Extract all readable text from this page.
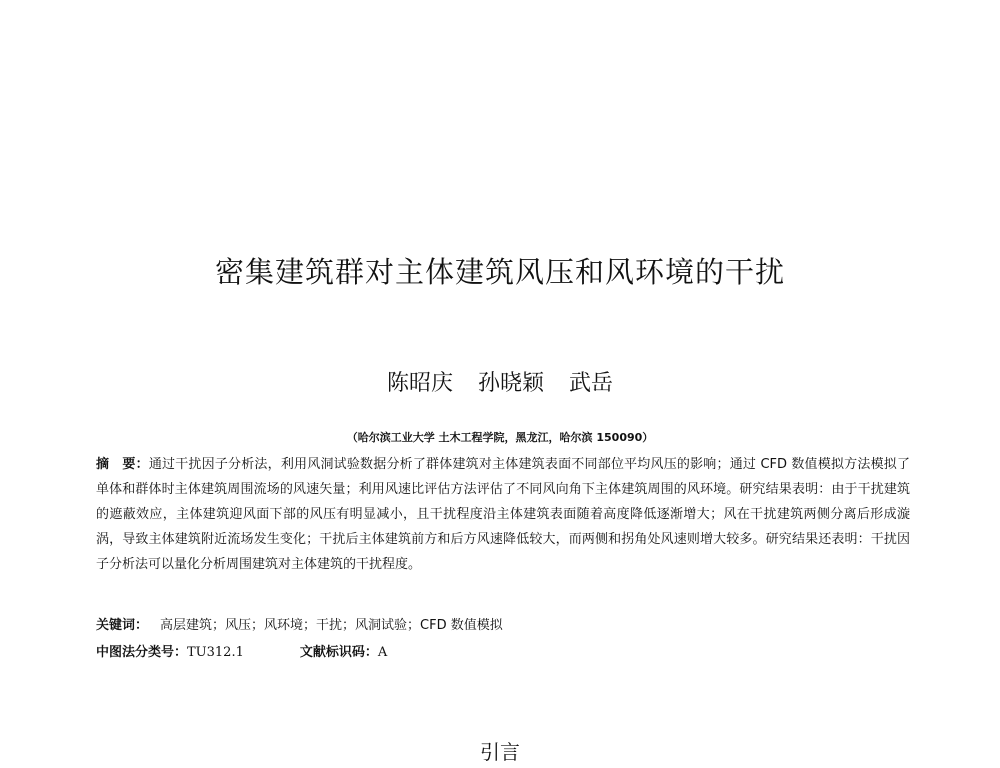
密集建筑群对主体建筑风压和风环境的干扰
陈昭庆 孙晓颖 武岳
（哈尔滨工业大学 土木工程学院，黑龙江，哈尔滨 150090）
摘　要：通过干扰因子分析法，利用风洞试验数据分析了群体建筑对主体建筑表面不同部位平均风压的影响；通过 CFD 数值模拟方法模拟了单体和群体时主体建筑周围流场的风速矢量；利用风速比评估方法评估了不同风向角下主体建筑周围的风环境。研究结果表明：由于干扰建筑的遮蔽效应，主体建筑迎风面下部的风压有明显减小，且干扰程度沿主体建筑表面随着高度降低逐渐增大；风在干扰建筑两侧分离后形成漩涡，导致主体建筑附近流场发生变化；干扰后主体建筑前方和后方风速降低较大，而两侧和拐角处风速则增大较多。研究结果还表明：干扰因子分析法可以量化分析周围建筑对主体建筑的干扰程度。
关键词： 高层建筑；风压；风环境；干扰；风洞试验；CFD 数值模拟
中图法分类号：TU312.1	文献标识码：A
引言
